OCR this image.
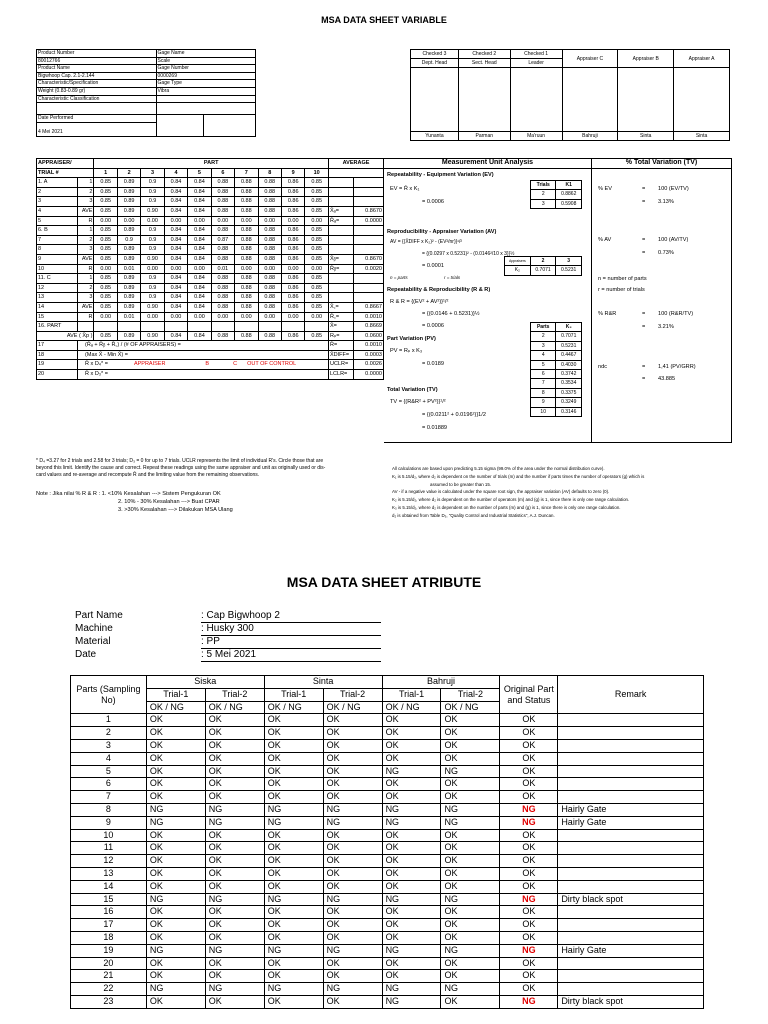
MSA DATA SHEET VARIABLE
Product Number	Gage Name	
80012766	Scale	
Product Name	Gage Number	
Bigwhoop Cap. 2.1-2.144	0000269	
Characteristic/Specification	Gage Type	
Weight (0.83-0.89 gr)	Vibra	
Characteristic Classification		

Date Performed		
4 Mei 2021		
Checked 3	Checked 2	Checked 1	Appraiser C	Appraiser B	Appraiser A
Dept. Head	Sect. Head	Leader			

Yunanta	Parman	Ma'ruun	Bahruji	Sinta	Sinta
APPRAISER/		PART										AVERAGE	
TRIAL #		1	2	3	4	5	6	7	8	9	10		
1. A	1	0.85	0.89	0.9	0.84	0.84	0.88	0.88	0.88	0.86	0.85		
2	2	0.85	0.89	0.9	0.84	0.84	0.88	0.88	0.88	0.86	0.85		
3	3	0.85	0.89	0.9	0.84	0.84	0.88	0.88	0.88	0.86	0.85		
4	AVE	0.85	0.89	0.90	0.84	0.84	0.88	0.88	0.88	0.86	0.85	X̄ₐ=	0.8670
5	R	0.00	0.00	0.00	0.00	0.00	0.00	0.00	0.00	0.00	0.00	R̄ₐ=	0.0000
6. B	1	0.85	0.89	0.9	0.84	0.84	0.88	0.88	0.88	0.86	0.85		
7	2	0.85	0.9	0.9	0.84	0.84	0.87	0.88	0.88	0.86	0.85		
8	3	0.85	0.89	0.9	0.84	0.84	0.88	0.88	0.88	0.86	0.85		
9	AVE	0.85	0.89	0.90	0.84	0.84	0.88	0.88	0.88	0.86	0.85	X̄ᵦ=	0.8670
10	R	0.00	0.01	0.00	0.00	0.00	0.01	0.00	0.00	0.00	0.00	R̄ᵦ=	0.0020
11. C	1	0.85	0.89	0.9	0.84	0.84	0.88	0.88	0.88	0.86	0.85		
12	2	0.85	0.89	0.9	0.84	0.84	0.88	0.88	0.88	0.86	0.85		
13	3	0.85	0.89	0.9	0.84	0.84	0.88	0.88	0.88	0.86	0.85		
14	AVE	0.85	0.89	0.90	0.84	0.84	0.88	0.88	0.88	0.86	0.85	X̄꜀=	0.8667
15	R	0.00	0.01	0.00	0.00	0.00	0.00	0.00	0.00	0.00	0.00	R̄꜀=	0.0010
16. PART												X̄=	0.8669
AVE ( X̄p )		0.85	0.89	0.90	0.84	0.84	0.88	0.88	0.88	0.86	0.85	Rₚ=	0.0600
17	(R̄ₐ + R̄ᵦ + R̄꜀) / (# OF APPRAISERS) =											R̄=	0.0010
18	(Max X̄ - Min X̄) =											X̄DIFF=	0.0003
19	R̄ x D₄* = APPRAISER B C OUT OF CONTROL											UCLR=	0.0026
20	R̄ x D₃* =											LCLR=	0.0000
Measurement Unit Analysis
Repeatability - Equipment Variation (EV)
EV = R̄ x K₁
= 0.0006
Reproducibility - Appraiser Variation (AV)
AV = {(X̄DIFF x K₂)² - (EV²/nr)}¹/²
= {(0.0297 x 0.5231)² - (0.0146²/10 x 3)}½
= 0.0001
n = parts	r = trials
Repeatability & Reproducibility (R & R)
R & R = {(EV² + AV²)}¹/²
= {(0.0146 + 0.5231)}½
= 0.0006
Part Variation (PV)
PV = Rₚ x K₃
= 0.0189
Total Variation (TV)
TV = {(R&R² + PV²)}¹/²
= {(0.0211² + 0.0196²)}1/2
= 0.01889
Trials	K1
2	0.8862
3	0.5908
Appraisers	2	3
K₂	0.7071	0.5231
Parts	K₃
2	0.7071
3	0.5231
4	0.4467
5	0.4030
6	0.3742
7	0.3534
8	0.3375
9	0.3249
10	0.3146
% Total Variation (TV)
% EV	= 100 (EV/TV)
= 3.13%
% AV	= 100 (AV/TV)
= 0.73%
n = number of parts
r = number of trials
% R&R	= 100 (R&R/TV)
= 3.21%
ndc	= 1,41 (PV/GRR)
= 43.885
* D₄ =3.27 for 2 trials and 2.58 for 3 trials; D₃ = 0 for up to 7 trials. UCLR represents the limit of individual R's. Circle those that are
beyond this limit. Identify the cause and correct. Repeat these readings using the same appraiser and unit as originally used or dis-
card values and re-average and recompute R̄ and the limiting value from the remaining observations.
Note : Jika nilai % R & R : 1. <10% Kesalahan ---> Sistem Pengukuran OK
2. 10% - 30% Kesalahan ---> Buat CPAR
3. >30% Kesalahan ---> Dilakukan MSA Ulang
All calculations are based upon predicting 5.15 sigma (99.0% of the area under the normal distribution curve).
K₁ is 5.15/d₂, where d₂ is dependent on the number of trials (m) and the number if parts times the number of operators (g) which is
assumed to be greater than 15.
AV - if a negative value is calculated under the square root sign, the appraiser variation (AV) defaults to zero (0).
K₂ is 5.15/d₂, where d₂ is dependent on the number of operators (m) and (g) is 1, since there is only one range calculation.
K₃ is 5.15/d₂, where d₂ is dependent on the number of parts (m) and (g) is 1, since there is only one range calculation.
d₂ is obtained from Table D₃, "Quality Control and Industrial Statistics", A.J. Duncan.
MSA DATA SHEET ATRIBUTE
Part Name	: Cap Bigwhoop 2
Machine	: Husky 300
Material	: PP
Date	: 5 Mei 2021
Parts (Sampling No)	Siska		Sinta		Bahruji		Original Part and Status	Remark
	Trial-1	Trial-2	Trial-1	Trial-2	Trial-1	Trial-2		
	OK / NG	OK / NG	OK / NG	OK / NG	OK / NG	OK / NG		
1	OK	OK	OK	OK	OK	OK	OK	
2	OK	OK	OK	OK	OK	OK	OK	
3	OK	OK	OK	OK	OK	OK	OK	
4	OK	OK	OK	OK	OK	OK	OK	
5	OK	OK	OK	OK	NG	NG	OK	
6	OK	OK	OK	OK	OK	OK	OK	
7	OK	OK	OK	OK	OK	OK	OK	
8	NG	NG	NG	NG	NG	NG	NG	Hairly Gate
9	NG	NG	NG	NG	NG	NG	NG	Hairly Gate
10	OK	OK	OK	OK	OK	OK	OK	
11	OK	OK	OK	OK	OK	OK	OK	
12	OK	OK	OK	OK	OK	OK	OK	
13	OK	OK	OK	OK	OK	OK	OK	
14	OK	OK	OK	OK	OK	OK	OK	
15	NG	NG	NG	NG	NG	NG	NG	Dirty black spot
16	OK	OK	OK	OK	OK	OK	OK	
17	OK	OK	OK	OK	OK	OK	OK	
18	OK	OK	OK	OK	OK	OK	OK	
19	NG	NG	NG	NG	NG	NG	NG	Hairly Gate
20	OK	OK	OK	OK	OK	OK	OK	
21	OK	OK	OK	OK	OK	OK	OK	
22	NG	NG	NG	NG	NG	NG	OK	
23	OK	OK	OK	OK	NG	OK	NG	Dirty black spot
